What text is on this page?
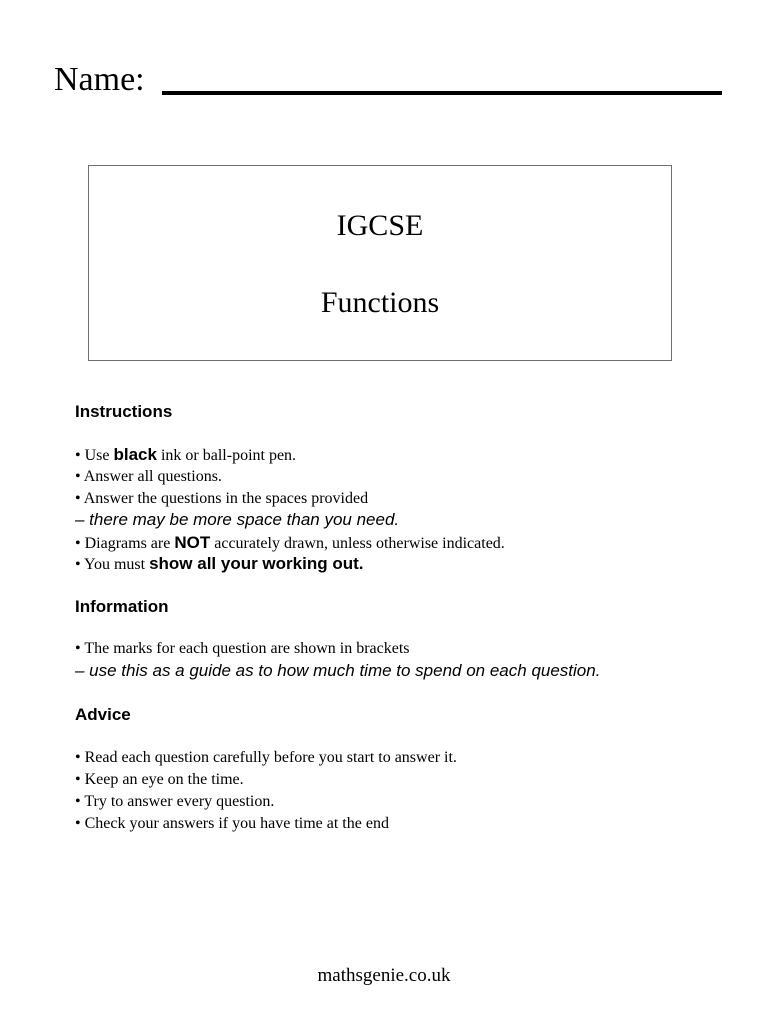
Name:
IGCSE
Functions
Instructions
• Use black ink or ball-point pen.
• Answer all questions.
• Answer the questions in the spaces provided
– there may be more space than you need.
• Diagrams are NOT accurately drawn, unless otherwise indicated.
• You must show all your working out.
Information
• The marks for each question are shown in brackets
– use this as a guide as to how much time to spend on each question.
Advice
• Read each question carefully before you start to answer it.
• Keep an eye on the time.
• Try to answer every question.
• Check your answers if you have time at the end
mathsgenie.co.uk
